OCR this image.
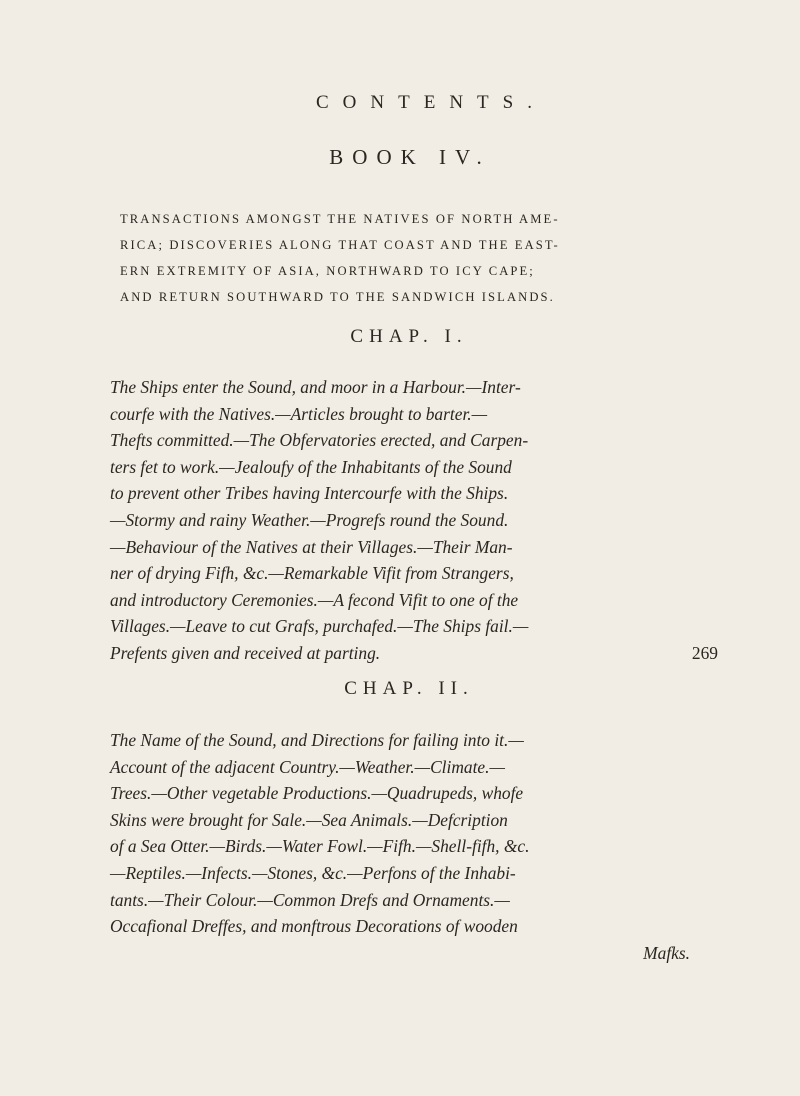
CONTENTS.
BOOK IV.
TRANSACTIONS AMONGST THE NATIVES OF NORTH AME-
RICA; DISCOVERIES ALONG THAT COAST AND THE EAST-
ERN EXTREMITY OF ASIA, NORTHWARD TO ICY CAPE;
AND RETURN SOUTHWARD TO THE SANDWICH ISLANDS.
CHAP. I.
The Ships enter the Sound, and moor in a Harbour.—Inter-
courfe with the Natives.—Articles brought to barter.—
Thefts committed.—The Obfervatories erected, and Carpen-
ters fet to work.—Jealoufy of the Inhabitants of the Sound
to prevent other Tribes having Intercourfe with the Ships.
—Stormy and rainy Weather.—Progrefs round the Sound.
—Behaviour of the Natives at their Villages.—Their Man-
ner of drying Fifh, &c.—Remarkable Vifit from Strangers,
and introductory Ceremonies.—A fecond Vifit to one of the
Villages.—Leave to cut Grafs, purchafed.—The Ships fail.—
Prefents given and received at parting.	269
CHAP. II.
The Name of the Sound, and Directions for failing into it.—
Account of the adjacent Country.—Weather.—Climate.—
Trees.—Other vegetable Productions.—Quadrupeds, whofe
Skins were brought for Sale.—Sea Animals.—Defcription
of a Sea Otter.—Birds.—Water Fowl.—Fifh.—Shell-fifh, &c.
—Reptiles.—Infects.—Stones, &c.—Perfons of the Inhabi-
tants.—Their Colour.—Common Drefs and Ornaments.—
Occafional Dreffes, and monftrous Decorations of wooden
Mafks.
